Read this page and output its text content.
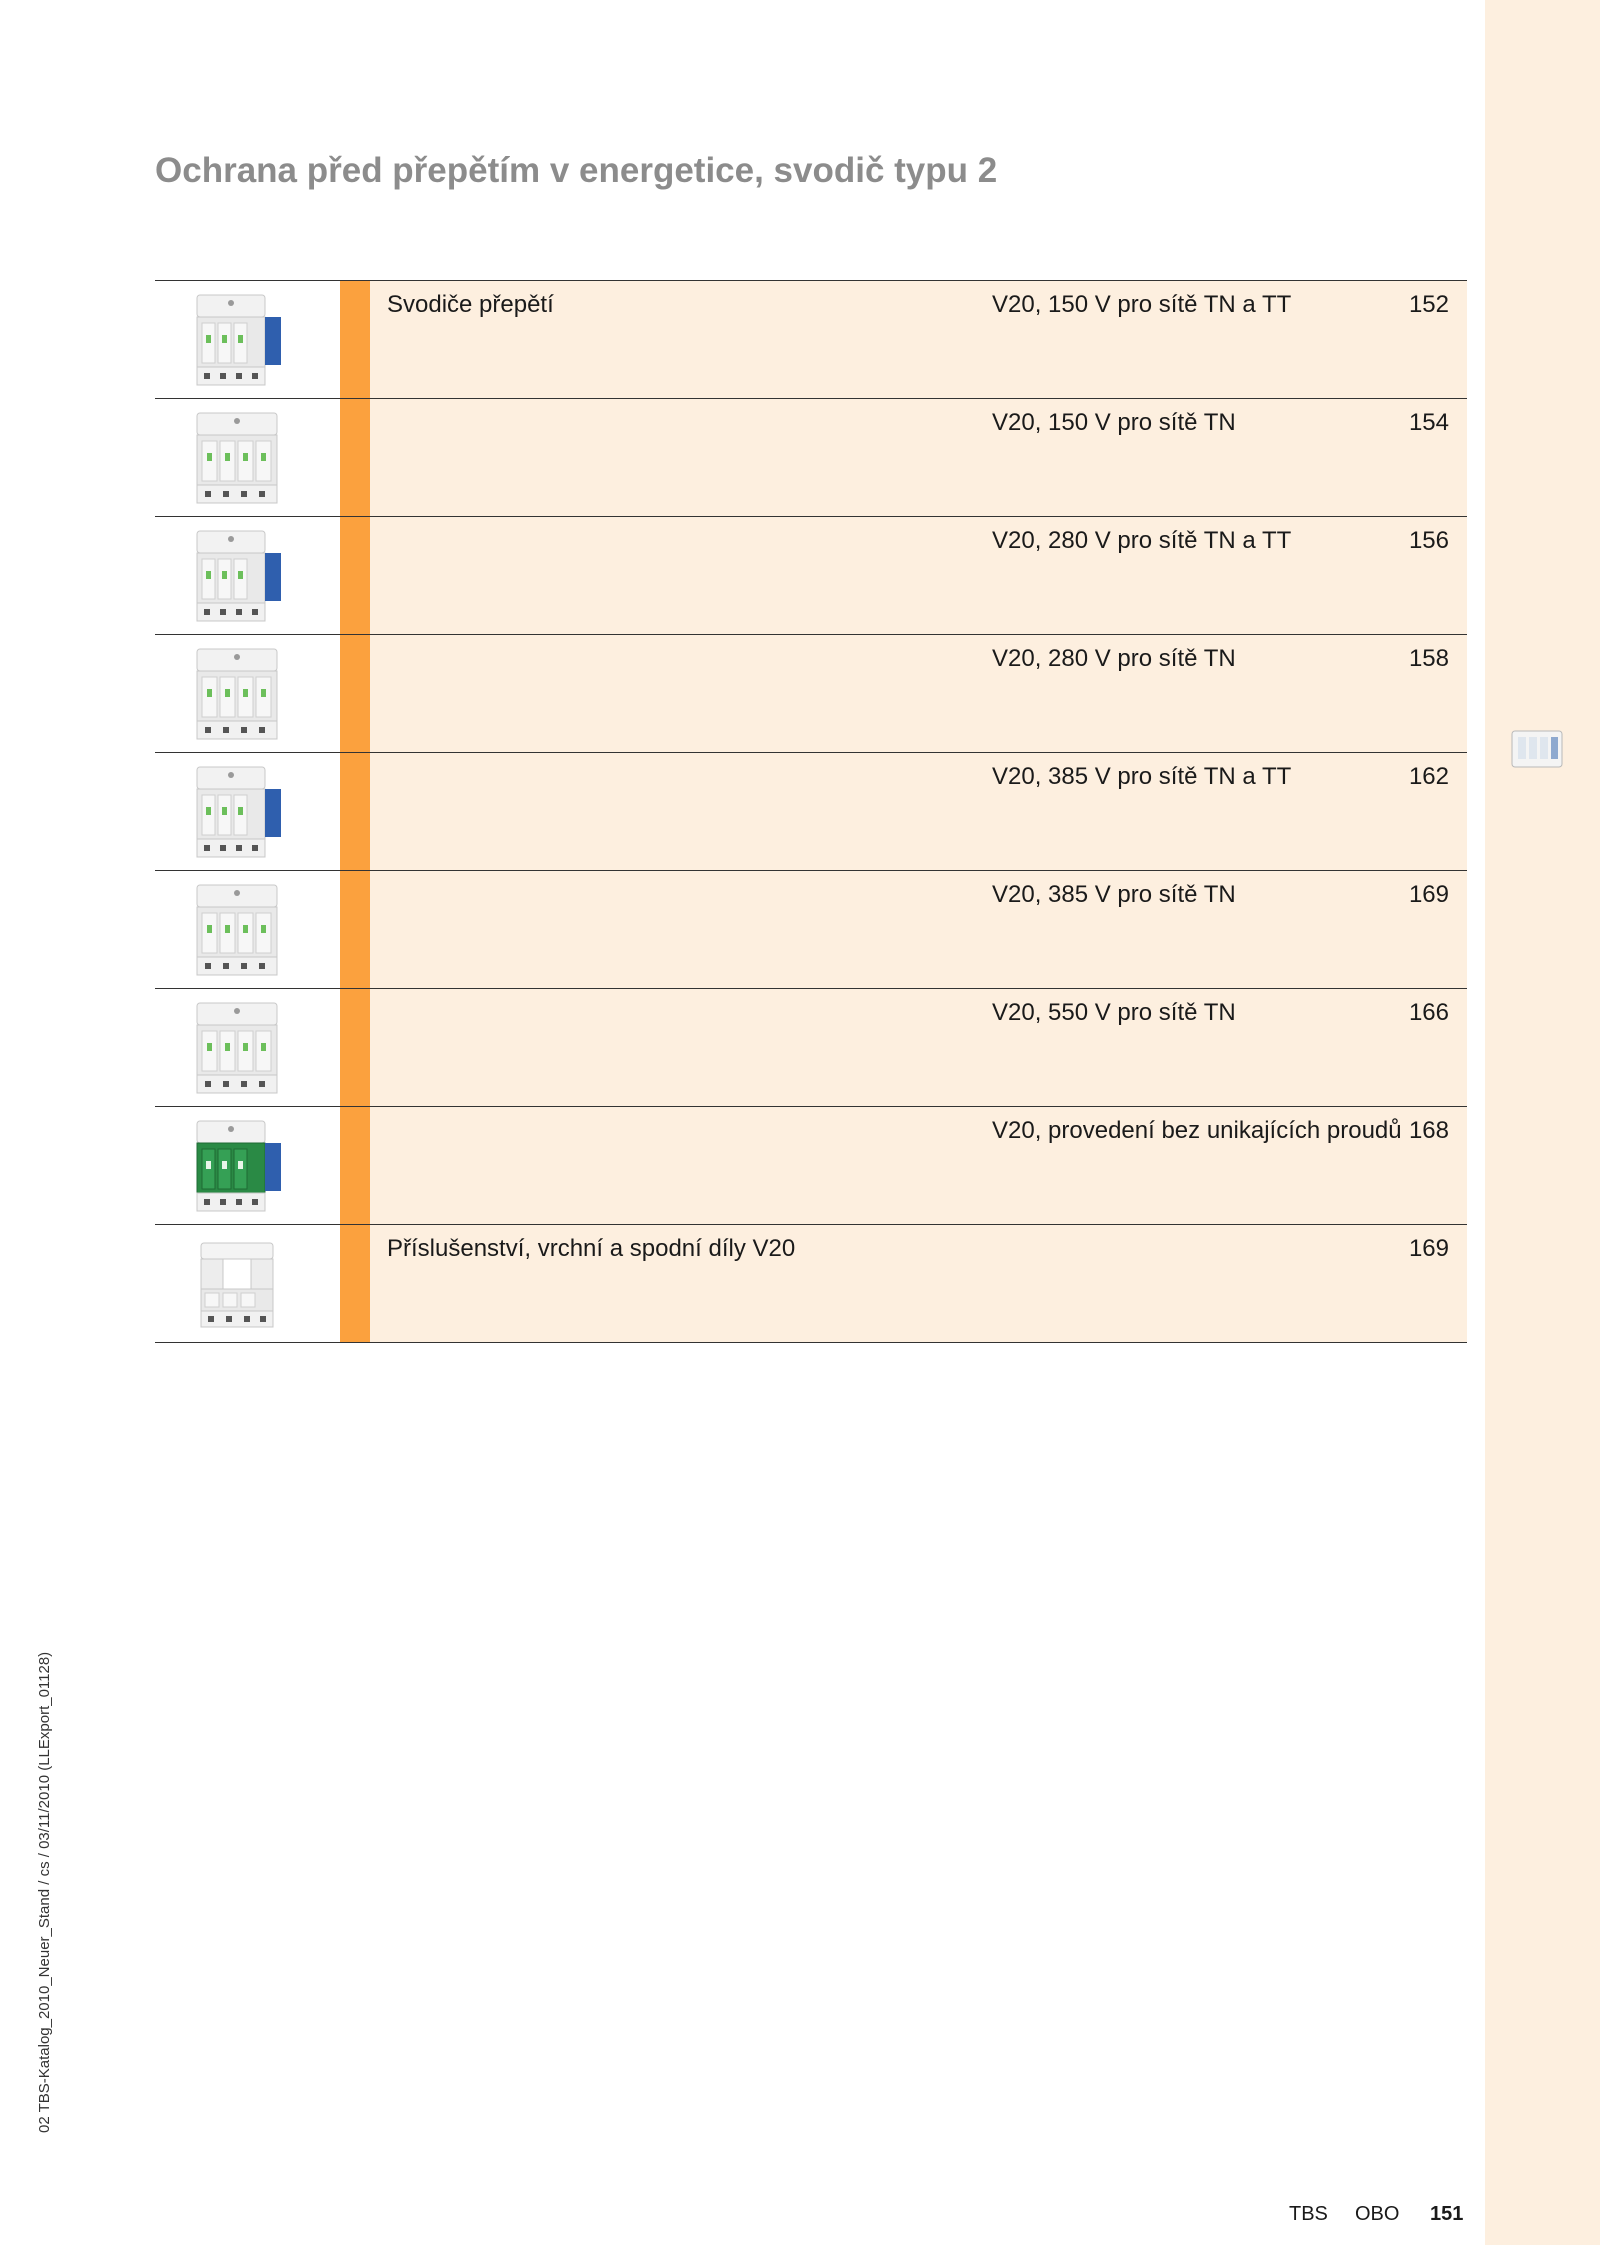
Ochrana před přepětím v energetice, svodič typu 2
Svodiče přepětí	V20, 150 V pro sítě TN a TT	152
V20, 150 V pro sítě TN	154
V20, 280 V pro sítě TN a TT	156
V20, 280 V pro sítě TN	158
V20, 385 V pro sítě TN a TT	162
V20, 385 V pro sítě TN	169
V20, 550 V pro sítě TN	166
V20, provedení bez unikajících proudů 168
Příslušenství, vrchní a spodní díly V20	169
02 TBS-Katalog_2010_Neuer_Stand / cs / 03/11/2010 (LLExport_01128)
TBS OBO 151
